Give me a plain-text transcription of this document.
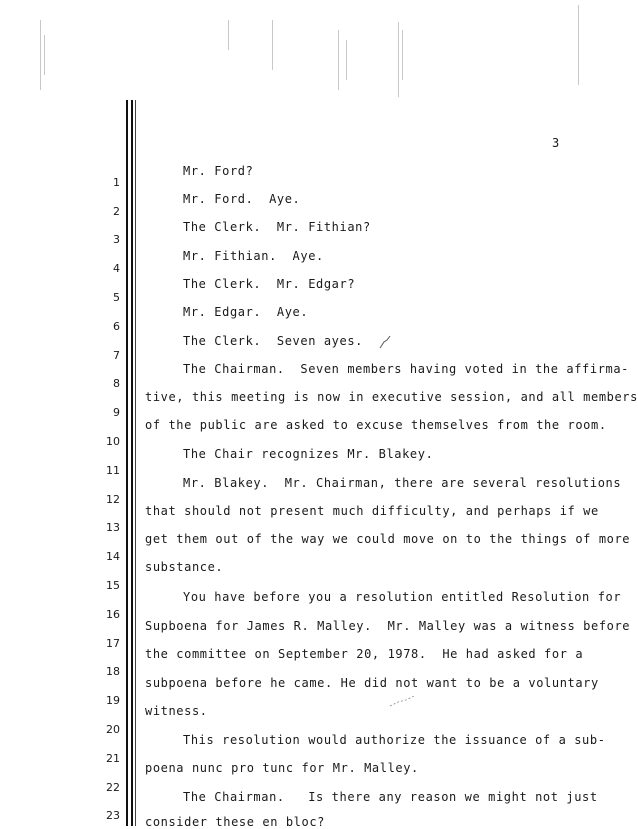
3
1
2
3
4
5
6
7
8
9
10
11
12
13
14
15
16
17
18
19
20
21
22
23
Mr. Ford?
Mr. Ford.  Aye.
The Clerk.  Mr. Fithian?
Mr. Fithian.  Aye.
The Clerk.  Mr. Edgar?
Mr. Edgar.  Aye.
The Clerk.  Seven ayes.
The Chairman.  Seven members having voted in the affirma-
tive, this meeting is now in executive session, and all members
of the public are asked to excuse themselves from the room.
The Chair recognizes Mr. Blakey.
Mr. Blakey.  Mr. Chairman, there are several resolutions
that should not present much difficulty, and perhaps if we
get them out of the way we could move on to the things of more
substance.
You have before you a resolution entitled Resolution for
Supboena for James R. Malley.  Mr. Malley was a witness before
the committee on September 20, 1978.  He had asked for a
subpoena before he came. He did not want to be a voluntary
witness.
This resolution would authorize the issuance of a sub-
poena nunc pro tunc for Mr. Malley.
The Chairman.   Is there any reason we might not just
consider these en bloc?
